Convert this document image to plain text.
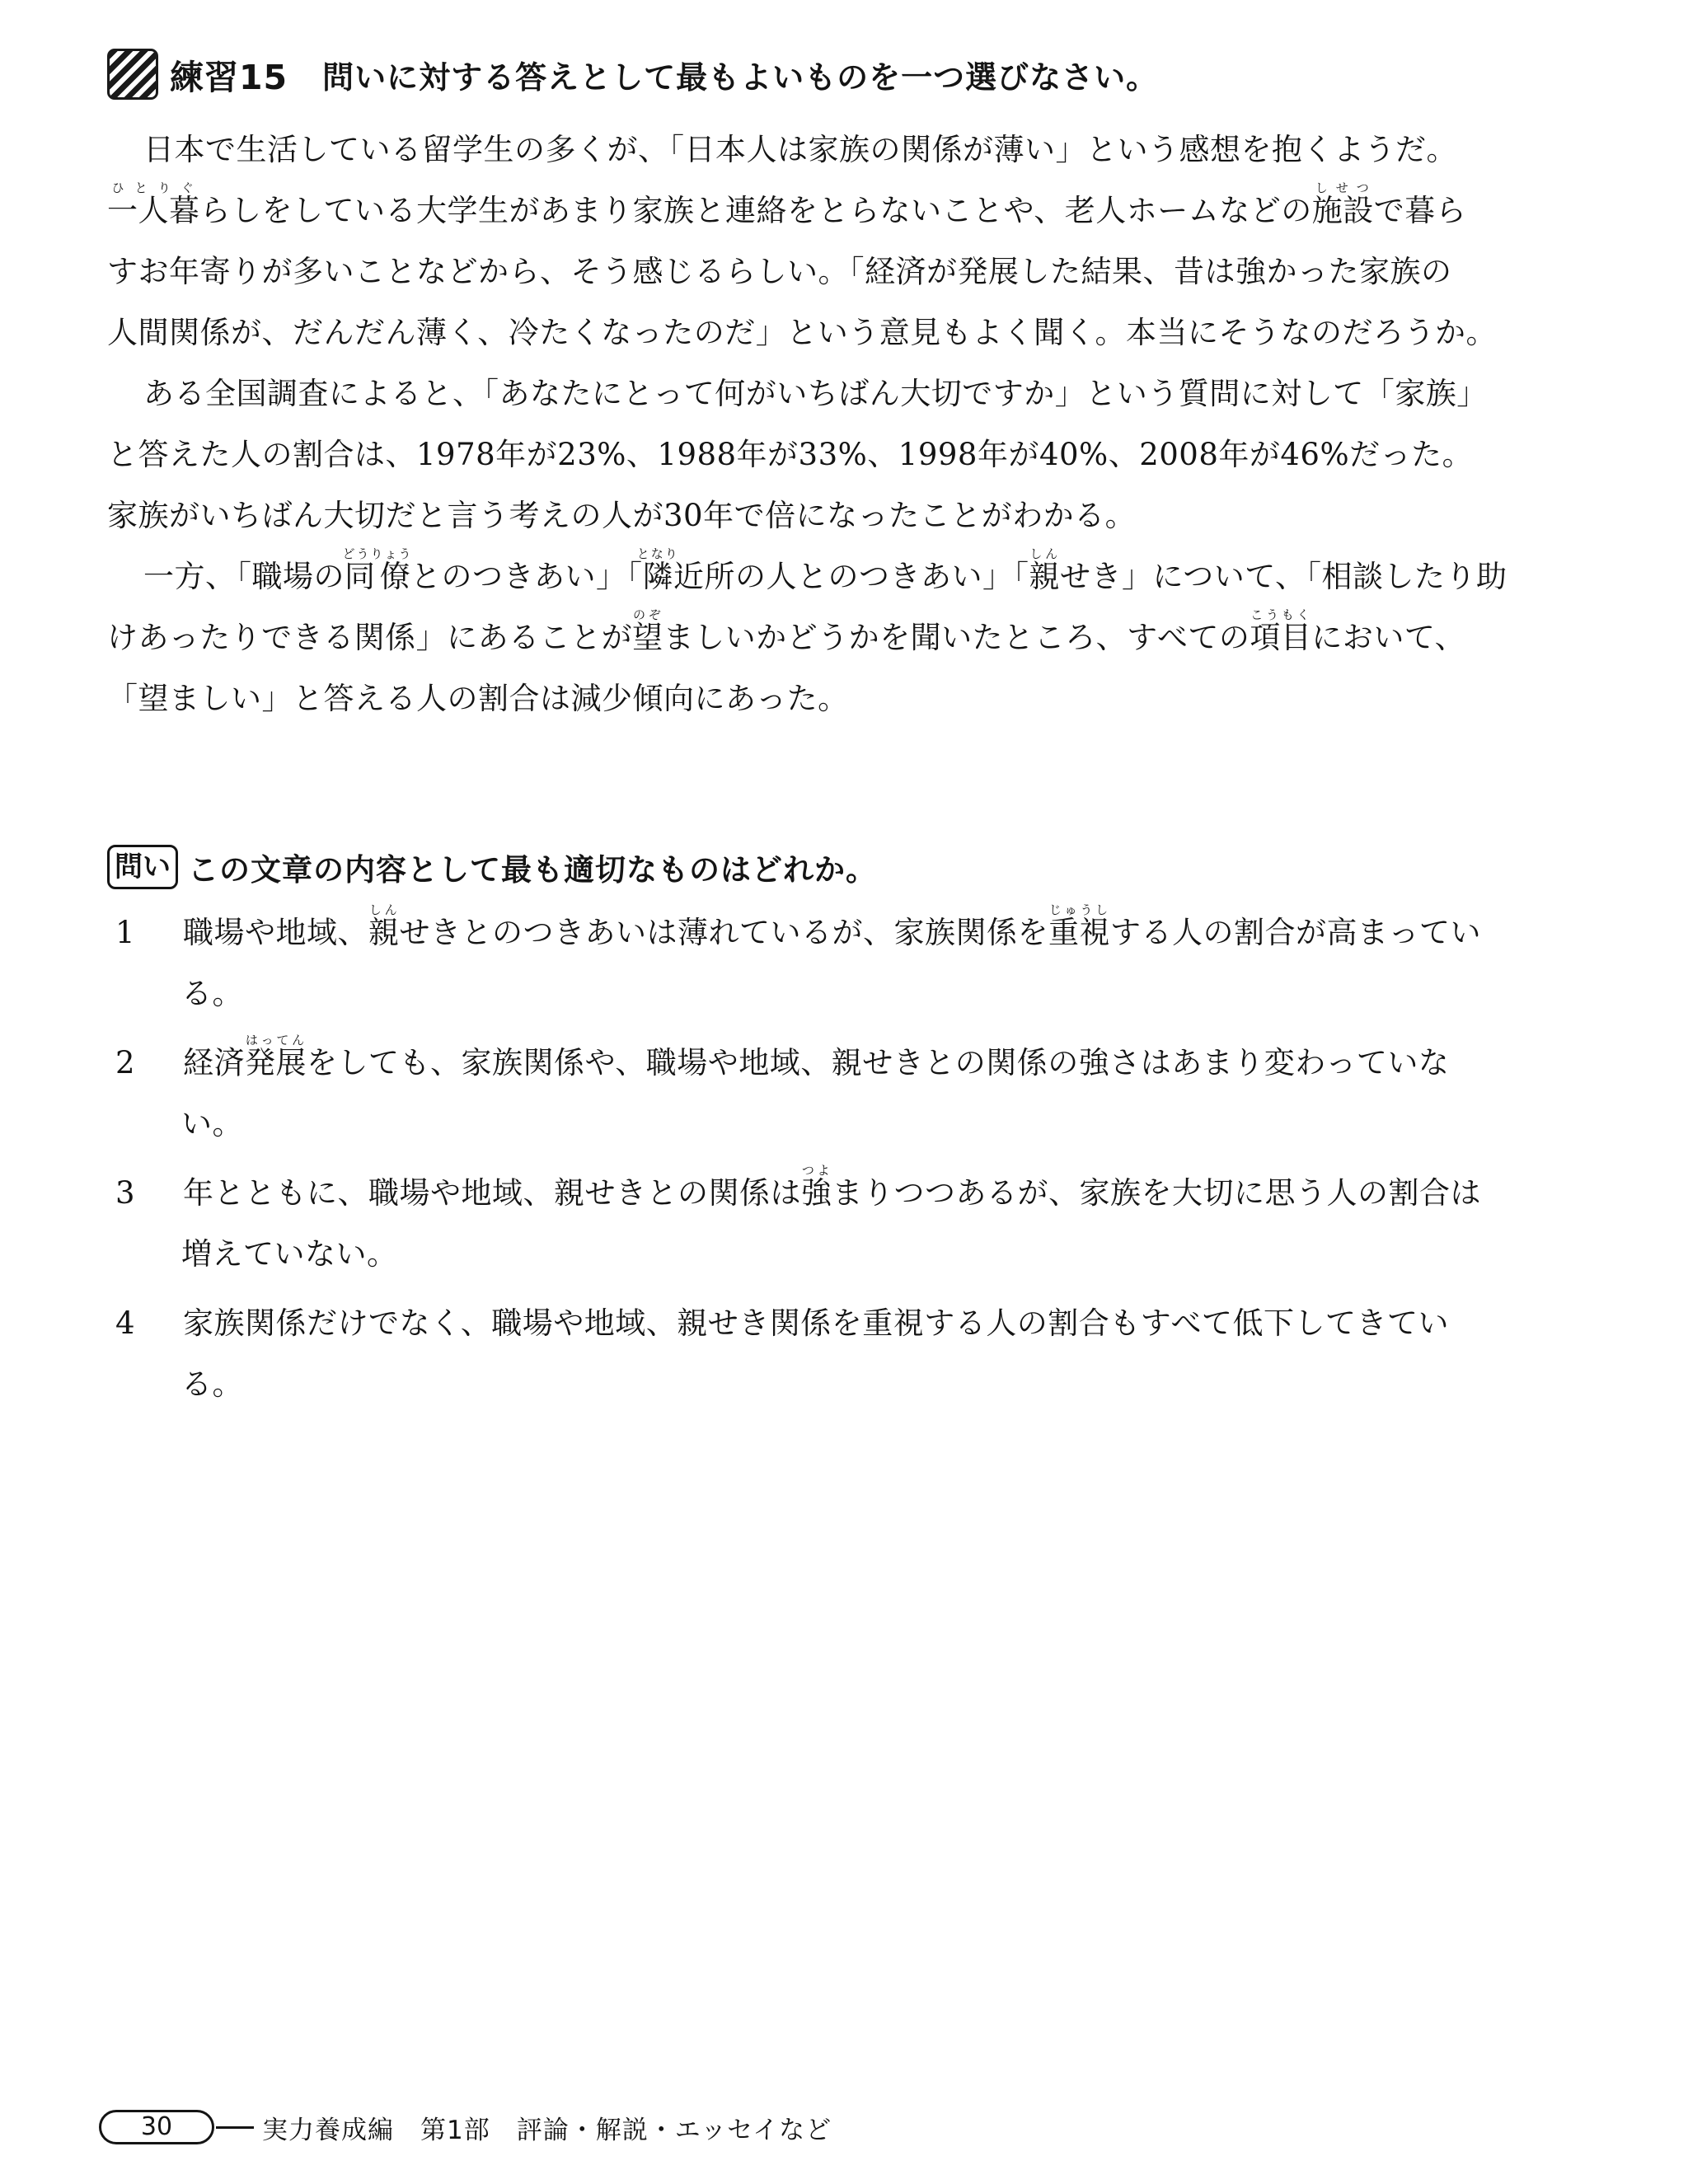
練習15 問いに対する答えとして最もよいものを一つ選びなさい。
日本で生活している留学生の多くが、「日本人は家族の関係が薄い」という感想を抱くようだ。
一人暮ひとりぐらしをしている大学生があまり家族と連絡をとらないことや、老人ホームなどの施設しせつで暮ら
すお年寄りが多いことなどから、そう感じるらしい。「経済が発展した結果、昔は強かった家族の
人間関係が、だんだん薄く、冷たくなったのだ」という意見もよく聞く。本当にそうなのだろうか。
ある全国調査によると、「あなたにとって何がいちばん大切ですか」という質問に対して「家族」
と答えた人の割合は、1978年が23%、1988年が33%、1998年が40%、2008年が46%だった。
家族がいちばん大切だと言う考えの人が30年で倍になったことがわかる。
一方、「職場の同僚どうりょうとのつきあい」「隣となり近所の人とのつきあい」「親しんせき」について、「相談したり助
けあったりできる関係」にあることが望のぞましいかどうかを聞いたところ、すべての項目こうもくにおいて、
「望ましい」と答える人の割合は減少傾向にあった。
問い この文章の内容として最も適切なものはどれか。
1	職場や地域、親しんせきとのつきあいは薄れているが、家族関係を重視じゅうしする人の割合が高まってい
る。
2	経済発展はってんをしても、家族関係や、職場や地域、親せきとの関係の強さはあまり変わっていな
い。
3	年とともに、職場や地域、親せきとの関係は強つよまりつつあるが、家族を大切に思う人の割合は
増えていない。
4	家族関係だけでなく、職場や地域、親せき関係を重視する人の割合もすべて低下してきてい
る。
30	実力養成編　第1部　評論・解説・エッセイなど
